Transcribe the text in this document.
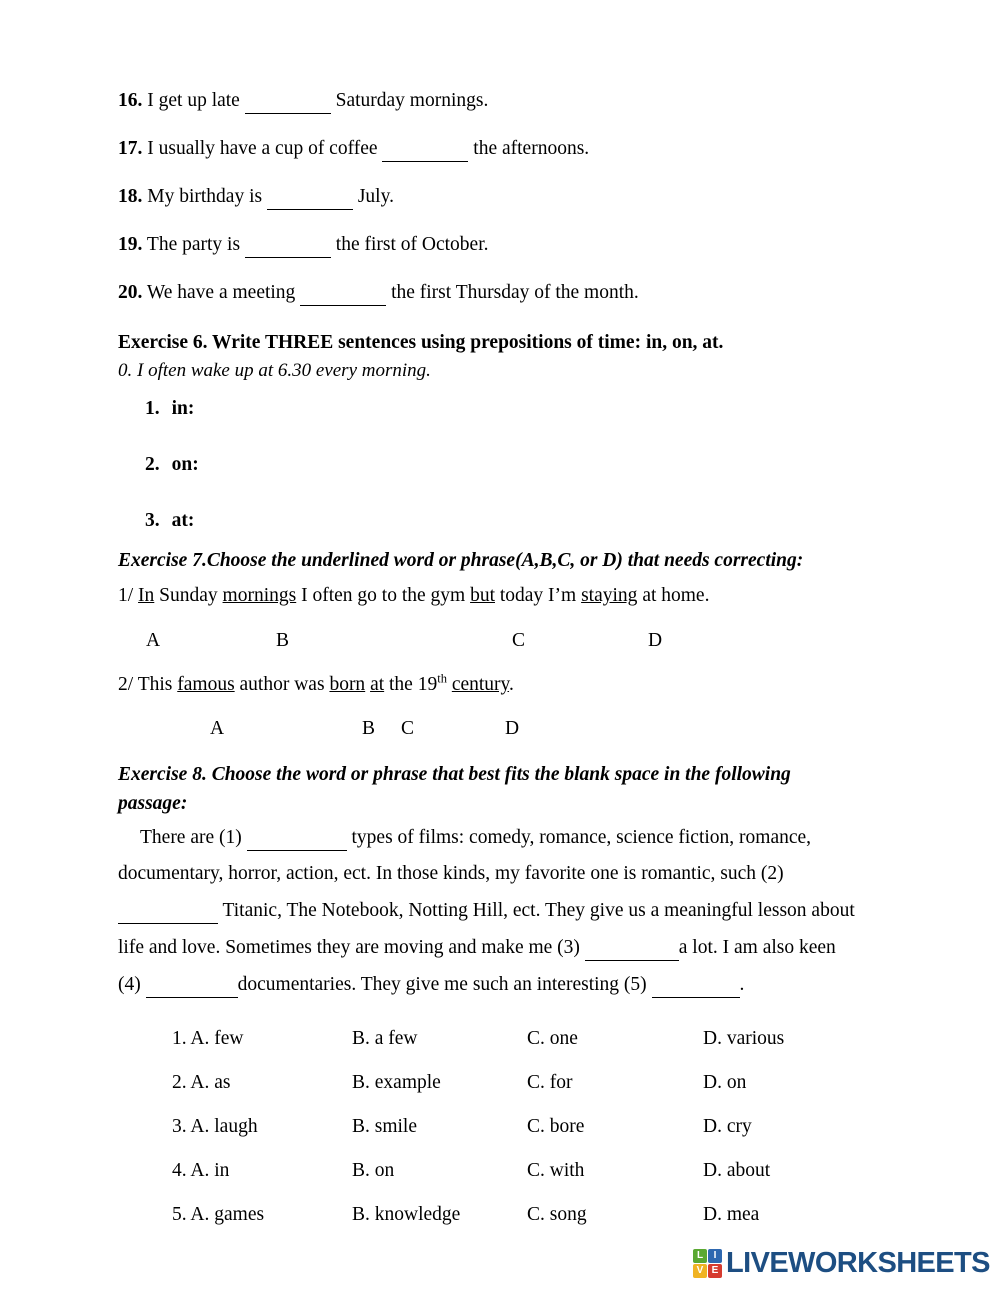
16. I get up late	Saturday mornings.
17. I usually have a cup of coffee	the afternoons.
18. My birthday is	July.
19. The party is	the first of October.
20. We have a meeting	the first Thursday of the month.
Exercise 6. Write THREE sentences using prepositions of time: in, on, at.
0. I often wake up at 6.30 every morning.
1. in:
2. on:
3. at:
Exercise 7.Choose the underlined word or phrase(A,B,C, or D) that needs correcting:
1/ In Sunday mornings I often go to the gym but today I’m staying at home.
A	B	C	D
2/ This famous author was born at the 19th century.
A	B C	D
Exercise 8. Choose the word or phrase that best fits the blank space in the following
passage:
There are (1)	types of films: comedy, romance, science fiction, romance,
documentary, horror, action, ect. In those kinds, my favorite one is romantic, such (2)
Titanic, The Notebook, Notting Hill, ect. They give us a meaningful lesson about
life and love. Sometimes they are moving and make me (3)	a lot. I am also keen
(4)	documentaries. They give me such an interesting (5)	.
1. A. few	B. a few	C. one	D. various
2. A. as	B. example	C. for	D. on
3. A. laugh	B. smile	C. bore	D. cry
4. A. in	B. on	C. with	D. about
5. A. games	B. knowledge	C. song	D. mea
L	I
V E LIVEWORKSHEETS
